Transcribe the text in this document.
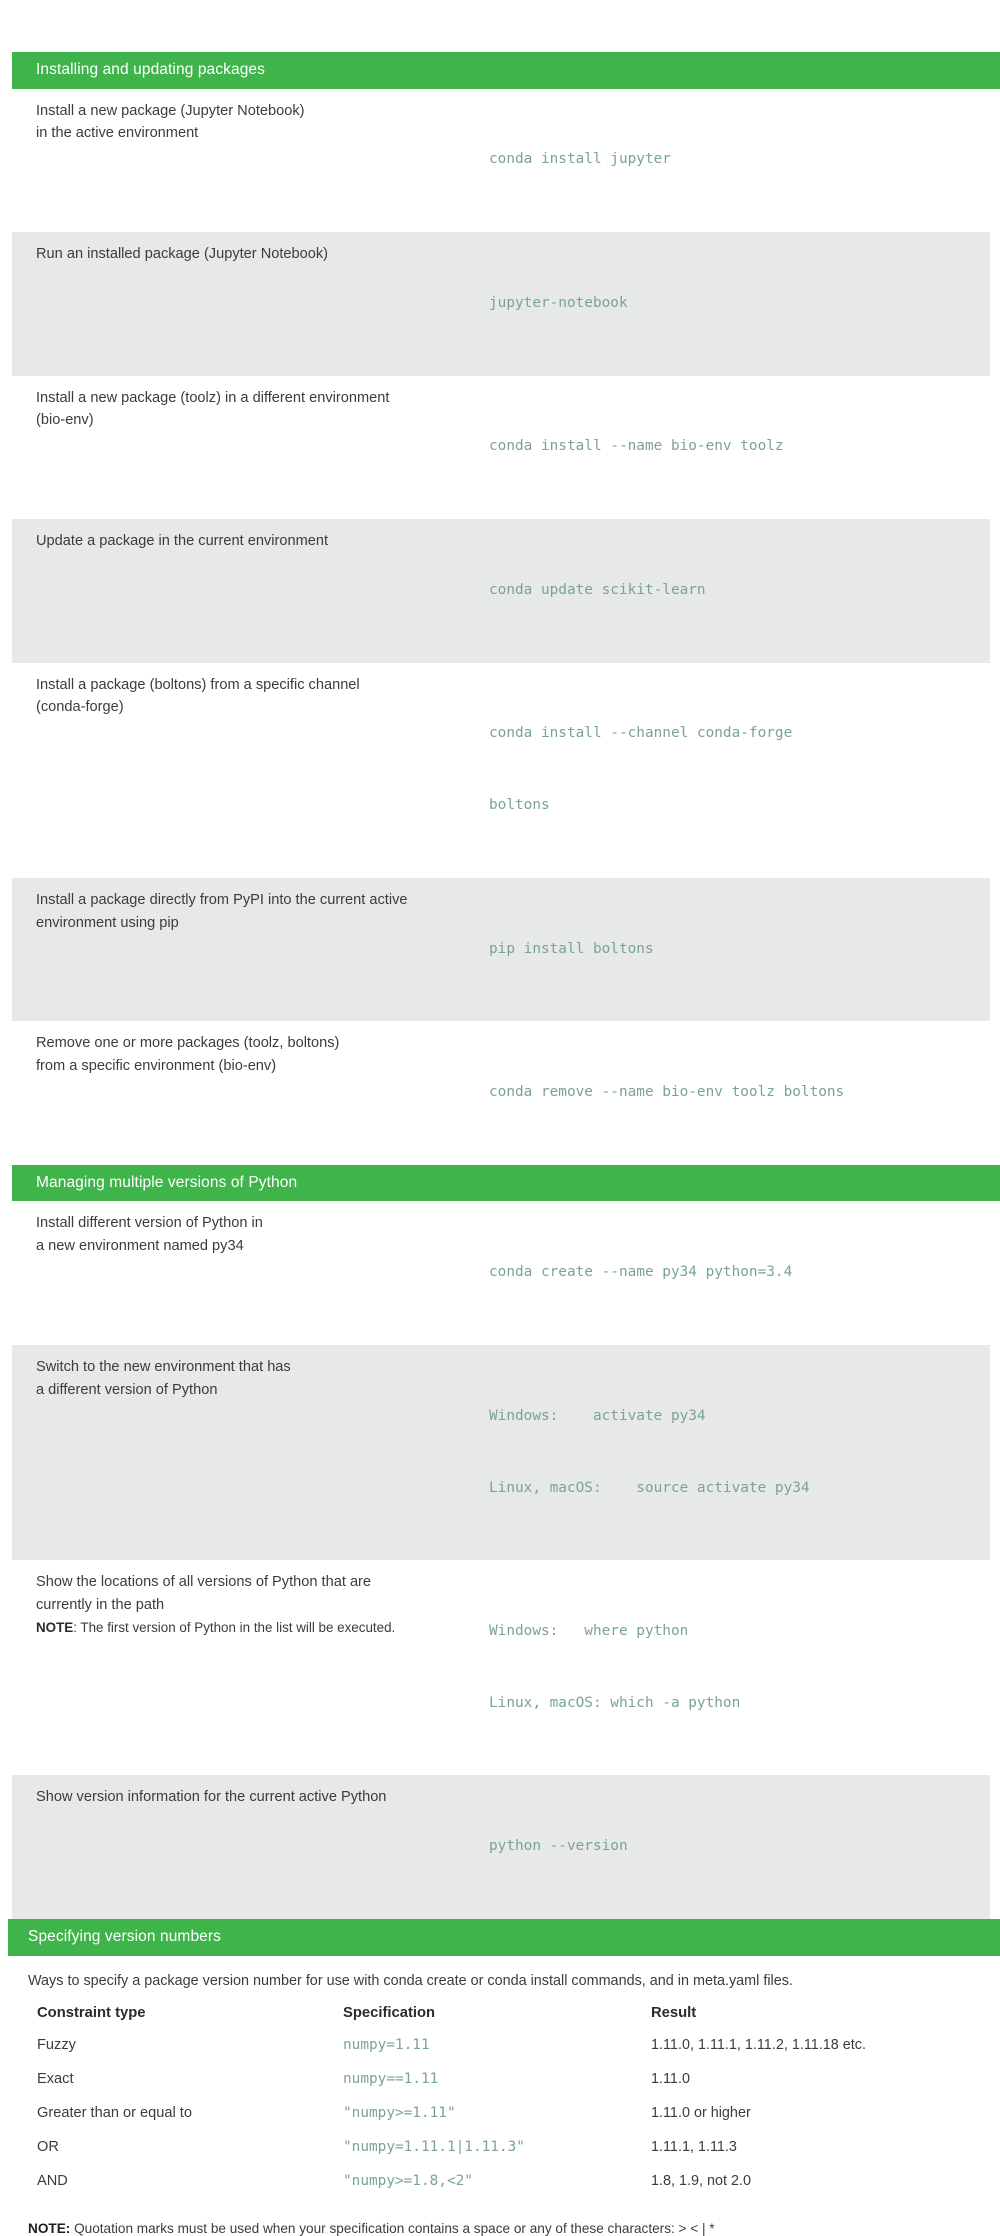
Installing and updating packages
Install a new package (Jupyter Notebook)
in the active environment

conda install jupyter

Run an installed package (Jupyter Notebook)

jupyter-notebook

Install a new package (toolz) in a different environment
(bio-env)

conda install --name bio-env toolz

Update a package in the current environment

conda update scikit-learn

Install a package (boltons) from a specific channel
(conda-forge)

conda install --channel conda-forge

boltons

Install a package directly from PyPI into the current active
environment using pip

pip install boltons

Remove one or more packages (toolz, boltons)
from a specific environment (bio-env)

conda remove --name bio-env toolz boltons

Managing multiple versions of Python
Install different version of Python in
a new environment named py34

conda create --name py34 python=3.4

Switch to the new environment that has
a different version of Python

Windows:    activate py34

Linux, macOS:    source activate py34

Show the locations of all versions of Python that are
currently in the path
NOTE: The first version of Python in the list will be executed.

	Windows:   where python

Linux, macOS: which -a python

Show version information for the current active Python

python --version

Specifying version numbers
Ways to specify a package version number for use with conda create or conda install commands, and in meta.yaml files.
Constraint type	Specification	Result
Fuzzy	numpy=1.11	1.11.0, 1.11.1, 1.11.2, 1.11.18 etc.
Exact	numpy==1.11	1.11.0
Greater than or equal to	"numpy>=1.11"	1.11.0 or higher
OR	"numpy=1.11.1|1.11.3"	1.11.1, 1.11.3
AND	"numpy>=1.8,<2"	1.8, 1.9, not 2.0
NOTE: Quotation marks must be used when your specification contains a space or any of these characters: > < | *
